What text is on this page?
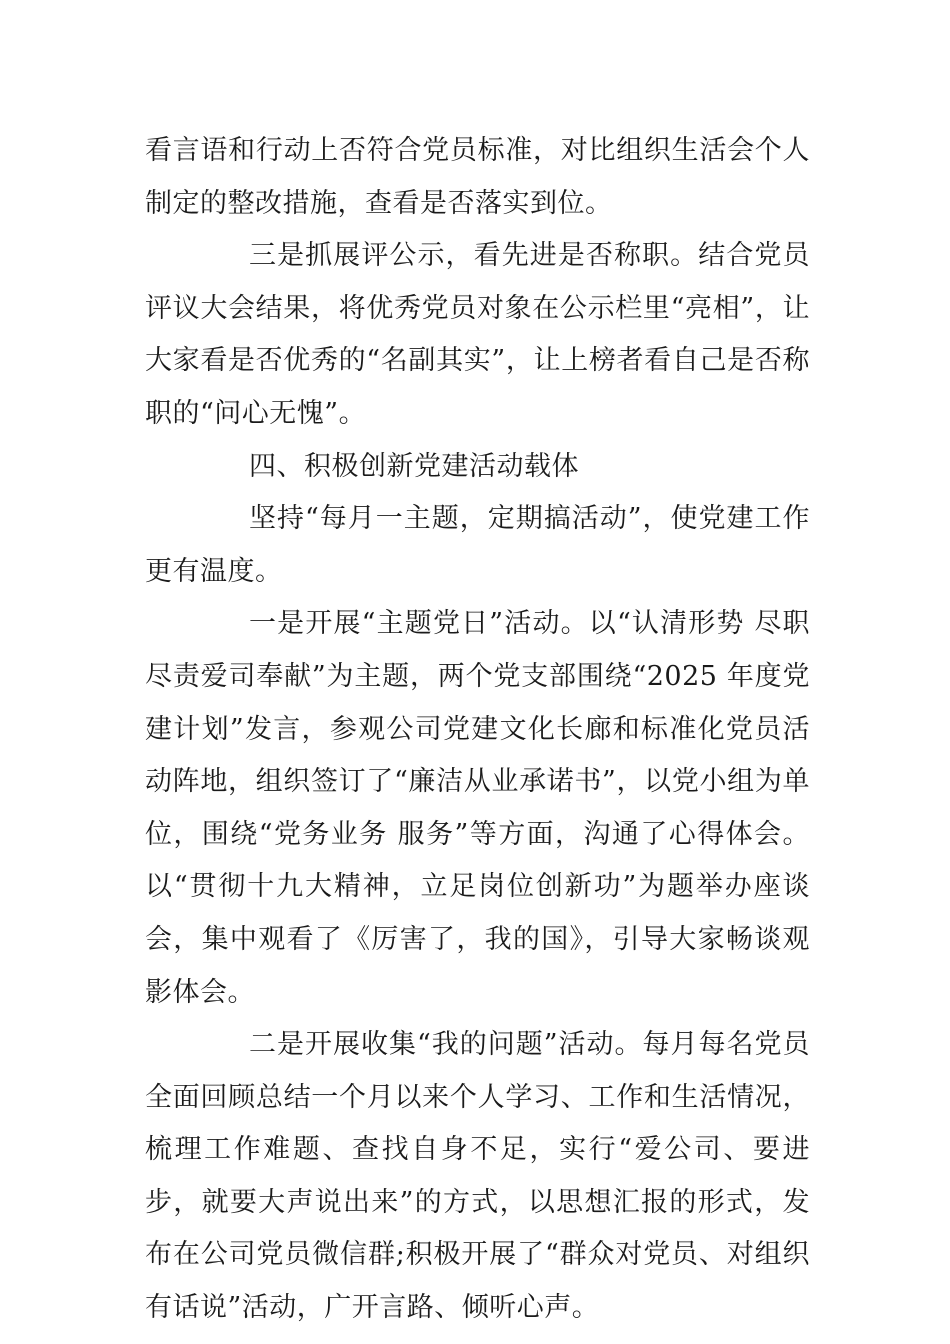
看言语和行动上否符合党员标准，对比组织生活会个人制定的整改措施，查看是否落实到位。

三是抓展评公示，看先进是否称职。结合党员评议大会结果，将优秀党员对象在公示栏里“亮相”，让大家看是否优秀的“名副其实”，让上榜者看自己是否称职的“问心无愧”。

四、积极创新党建活动载体

坚持“每月一主题，定期搞活动”，使党建工作更有温度。

一是开展“主题党日”活动。以“认清形势 尽职尽责爱司奉献”为主题，两个党支部围绕“2025 年度党建计划”发言，参观公司党建文化长廊和标准化党员活动阵地，组织签订了“廉洁从业承诺书”，以党小组为单位，围绕“党务业务 服务”等方面，沟通了心得体会。以“贯彻十九大精神，立足岗位创新功”为题举办座谈会，集中观看了《厉害了，我的国》，引导大家畅谈观影体会。

二是开展收集“我的问题”活动。每月每名党员全面回顾总结一个月以来个人学习、工作和生活情况，梳理工作难题、查找自身不足，实行“爱公司、要进步，就要大声说出来”的方式，以思想汇报的形式，发布在公司党员微信群;积极开展了“群众对党员、对组织有话说”活动，广开言路、倾听心声。
